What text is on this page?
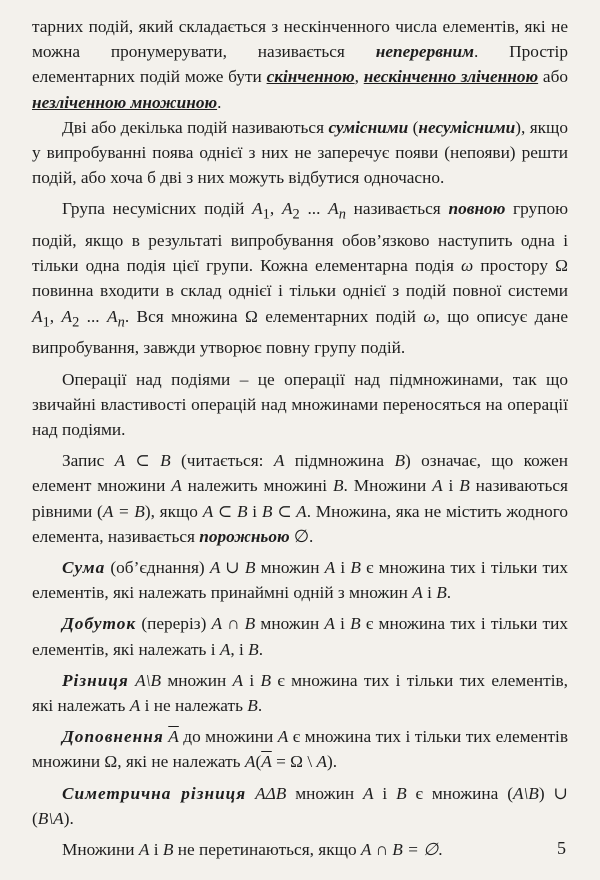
тарних подій, який складається з нескінченного числа елементів, які не можна пронумерувати, називається неперервним. Простір елементарних подій може бути скінченною, нескінченно зліченною або незліченною множиною.

Дві або декілька подій називаються сумісними (несумісними), якщо у випробуванні поява однієї з них не заперечує появи (непояви) решти подій, або хоча б дві з них можуть відбутися одночасно.

Група несумісних подій $A_1$, $A_2$ ... $A_n$ називається повною групою подій, якщо в результаті випробування обов’язково наступить одна і тільки одна подія цієї групи. Кожна елементарна подія ω простору Ω повинна входити в склад однієї і тільки однієї з подій повної системи $A_1$, $A_2$ ... $A_n$. Вся множина Ω елементарних подій ω, що описує дане випробування, завжди утворює повну групу подій.

Операції над подіями – це операції над підмножинами, так що звичайні властивості операцій над множинами переносяться на операції над подіями.

Запис A ⊂ B (читається: A підмножина B) означає, що кожен елемент множини A належить множині B. Множини A і B називаються рівними (A = B), якщо A ⊂ B і B ⊂ A. Множина, яка не містить жодного елемента, називається порожньою ∅.

Сума (об’єднання) A ∪ B множин A і B є множина тих і тільки тих елементів, які належать принаймні одній з множин A і B.

Добуток (переріз) A ∩ B множин A і B є множина тих і тільки тих елементів, які належать і A, і B.

Різниця A\B множин A і B є множина тих і тільки тих елементів, які належать A і не належать B.

Доповнення $\overline{A}$ до множини A є множина тих і тільки тих елементів множини Ω, які не належать $A(\overline{A} = \Omega$ \ A).

Симетрична різниця AΔB множин A і B є множина (A\B) ∪ (B\A).

Множини A і B не перетинаються, якщо A ∩ B = ∅.	5
